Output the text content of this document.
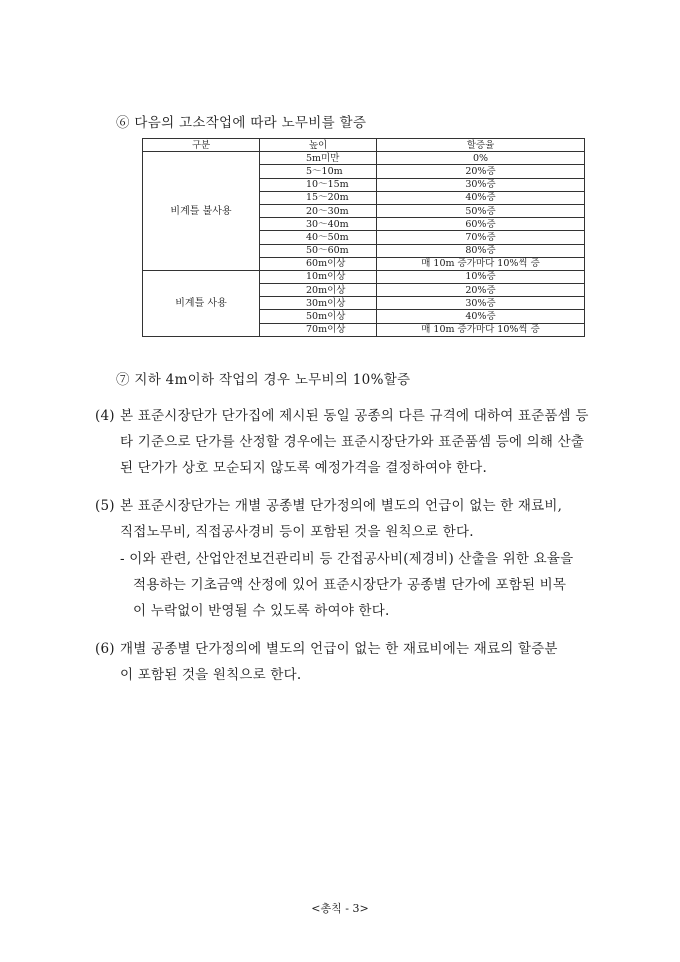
⑥ 다음의 고소작업에 따라 노무비를 할증
구분	높이	할증율
비계틀 불사용	5m미만	0%
	5～10m	20%증
	10～15m	30%증
	15～20m	40%증
	20～30m	50%증
	30～40m	60%증
	40～50m	70%증
	50～60m	80%증
	60m이상	매 10m 증가마다 10%씩 증
비계틀 사용	10m이상	10%증
	20m이상	20%증
	30m이상	30%증
	50m이상	40%증
	70m이상	매 10m 증가마다 10%씩 증
⑦ 지하 4m이하 작업의 경우 노무비의 10%할증
(4) 본 표준시장단가 단가집에 제시된 동일 공종의 다른 규격에 대하여 표준품셈 등
타 기준으로 단가를 산정할 경우에는 표준시장단가와 표준품셈 등에 의해 산출
된 단가가 상호 모순되지 않도록 예정가격을 결정하여야 한다.
(5) 본 표준시장단가는 개별 공종별 단가정의에 별도의 언급이 없는 한 재료비,
직접노무비, 직접공사경비 등이 포함된 것을 원칙으로 한다.
- 이와 관련, 산업안전보건관리비 등 간접공사비(제경비) 산출을 위한 요율을
적용하는 기초금액 산정에 있어 표준시장단가 공종별 단가에 포함된 비목
이 누락없이 반영될 수 있도록 하여야 한다.
(6) 개별 공종별 단가정의에 별도의 언급이 없는 한 재료비에는 재료의 할증분
이 포함된 것을 원칙으로 한다.
<총칙 - 3>
